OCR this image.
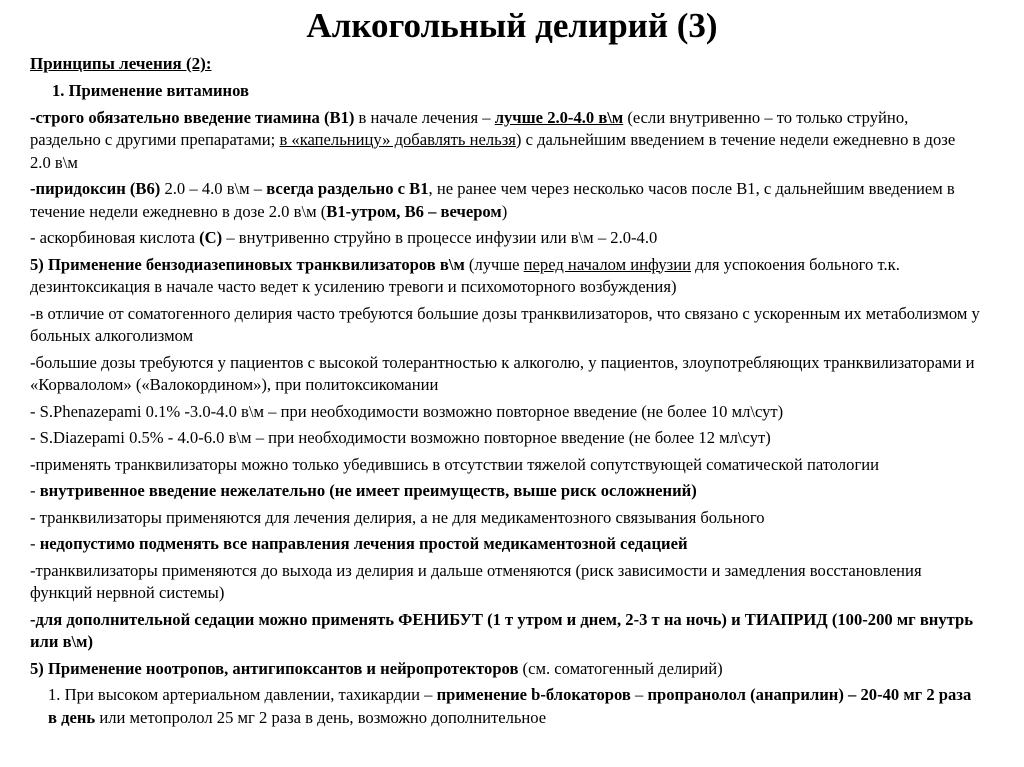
Алкогольный делирий (3)
Принципы лечения (2):
1. Применение витаминов
-строго обязательно введение тиамина (В1) в начале лечения – лучше 2.0-4.0 в\м (если внутривенно – то только струйно, раздельно с другими препаратами; в «капельницу» добавлять нельзя) с дальнейшим введением в течение недели ежедневно в дозе 2.0 в\м
-пиридоксин (В6) 2.0 – 4.0 в\м – всегда раздельно с В1, не ранее чем через несколько часов после В1, с дальнейшим введением в течение недели ежедневно в дозе 2.0 в\м (В1-утром, В6 – вечером)
- аскорбиновая кислота (С) – внутривенно струйно в процессе инфузии или в\м – 2.0-4.0
5) Применение бензодиазепиновых транквилизаторов в\м (лучше перед началом инфузии для успокоения больного т.к. дезинтоксикация в начале часто ведет к усилению тревоги и психомоторного возбуждения)
-в отличие от соматогенного делирия часто требуются большие дозы транквилизаторов, что связано с ускоренным их метаболизмом у больных алкоголизмом
-большие дозы требуются у пациентов с высокой толерантностью к алкоголю, у пациентов, злоупотребляющих транквилизаторами и «Корвалолом» («Валокордином»), при политоксикомании
- S.Phenazepami 0.1% -3.0-4.0 в\м – при необходимости возможно повторное введение (не более 10 мл\сут)
- S.Diazepami 0.5% - 4.0-6.0 в\м – при необходимости возможно повторное введение (не более 12 мл\сут)
-применять транквилизаторы можно только убедившись в отсутствии тяжелой сопутствующей соматической патологии
- внутривенное введение нежелательно (не имеет преимуществ, выше риск осложнений)
- транквилизаторы применяются для лечения делирия, а не для медикаментозного связывания больного
- недопустимо подменять все направления лечения простой медикаментозной седацией
-транквилизаторы применяются до выхода из делирия и дальше отменяются (риск зависимости и замедления восстановления функций нервной системы)
-для дополнительной седации можно применять ФЕНИБУТ (1 т утром и днем, 2-3 т на ночь) и ТИАПРИД (100-200 мг внутрь или в\м)
5) Применение ноотропов, антигипоксантов и нейропротекторов (см. соматогенный делирий)
1. При высоком артериальном давлении, тахикардии – применение b-блокаторов – пропранолол (анаприлин) – 20-40 мг 2 раза в день или метопролол 25 мг 2 раза в день, возможно дополнительное
